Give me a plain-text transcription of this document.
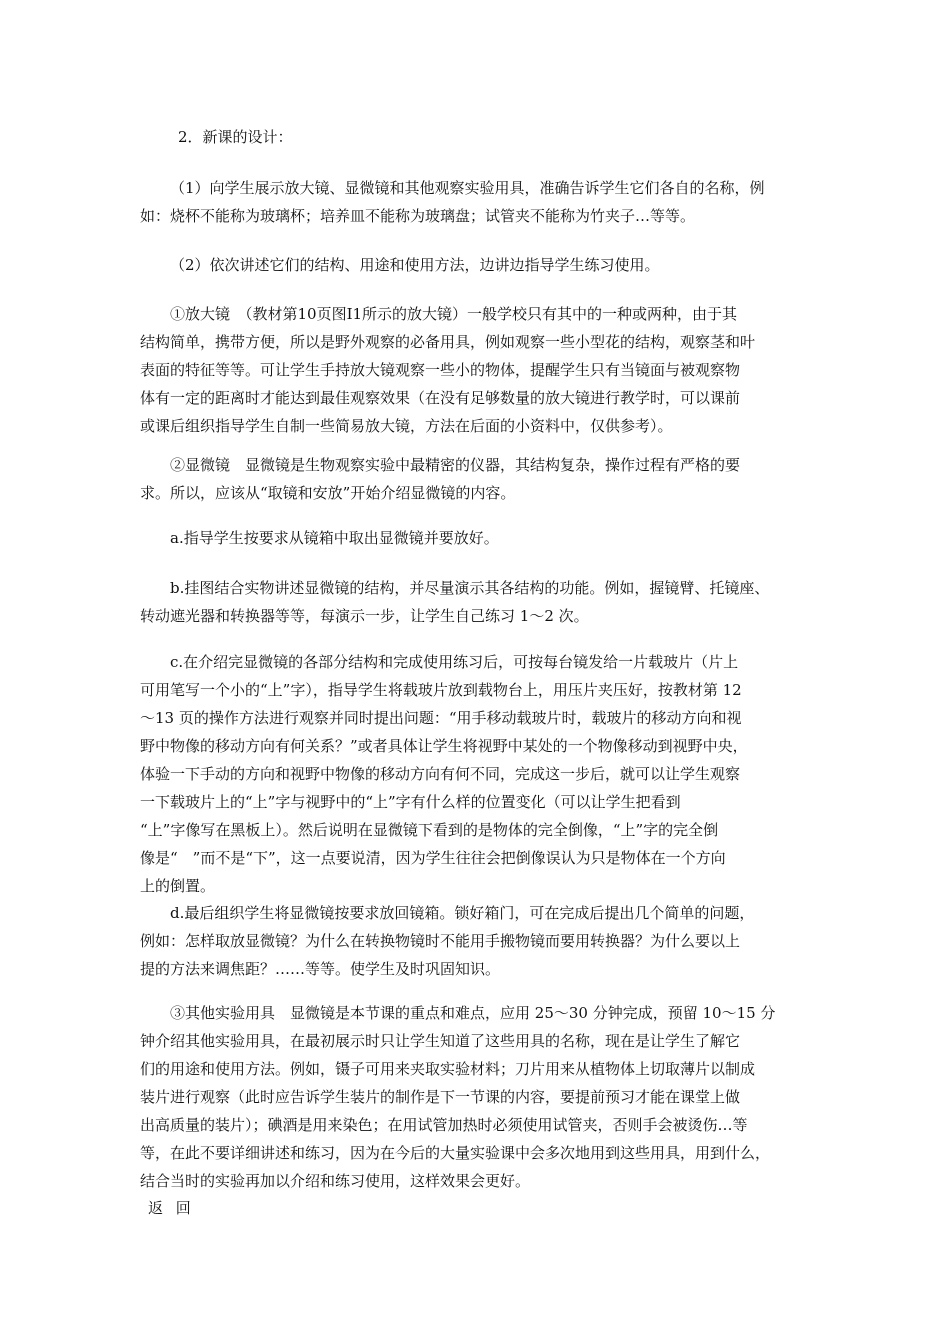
2．新课的设计：

（1）向学生展示放大镜、显微镜和其他观察实验用具，准确告诉学生它们各自的名称，例
如：烧杯不能称为玻璃杯；培养皿不能称为玻璃盘；试管夹不能称为竹夹子…等等。

（2）依次讲述它们的结构、用途和使用方法，边讲边指导学生练习使用。

①放大镜　（教材第10页图I1所示的放大镜）一般学校只有其中的一种或两种，由于其
结构简单，携带方便，所以是野外观察的必备用具，例如观察一些小型花的结构，观察茎和叶
表面的特征等等。可让学生手持放大镜观察一些小的物体，提醒学生只有当镜面与被观察物
体有一定的距离时才能达到最佳观察效果（在没有足够数量的放大镜进行教学时，可以课前
或课后组织指导学生自制一些简易放大镜，方法在后面的小资料中，仅供参考）。

②显微镜　显微镜是生物观察实验中最精密的仪器，其结构复杂，操作过程有严格的要
求。所以，应该从“取镜和安放”开始介绍显微镜的内容。

a.指导学生按要求从镜箱中取出显微镜并要放好。

b.挂图结合实物讲述显微镜的结构，并尽量演示其各结构的功能。例如，握镜臂、托镜座、
转动遮光器和转换器等等，每演示一步，让学生自己练习 1～2 次。

c.在介绍完显微镜的各部分结构和完成使用练习后，可按每台镜发给一片载玻片（片上
可用笔写一个小的“上”字），指导学生将载玻片放到载物台上，用压片夹压好，按教材第 12
～13 页的操作方法进行观察并同时提出问题：“用手移动载玻片时，载玻片的移动方向和视
野中物像的移动方向有何关系？”或者具体让学生将视野中某处的一个物像移动到视野中央，
体验一下手动的方向和视野中物像的移动方向有何不同，完成这一步后，就可以让学生观察
一下载玻片上的“上”字与视野中的“上”字有什么样的位置变化（可以让学生把看到
“上”字像写在黑板上）。然后说明在显微镜下看到的是物体的完全倒像，“上”字的完全倒
像是“　”而不是“下”，这一点要说清，因为学生往往会把倒像误认为只是物体在一个方向
上的倒置。

d.最后组织学生将显微镜按要求放回镜箱。锁好箱门，可在完成后提出几个简单的问题，
例如：怎样取放显微镜？为什么在转换物镜时不能用手搬物镜而要用转换器？为什么要以上
提的方法来调焦距？……等等。使学生及时巩固知识。

③其他实验用具　显微镜是本节课的重点和难点，应用 25～30 分钟完成，预留 10～15 分
钟介绍其他实验用具，在最初展示时只让学生知道了这些用具的名称，现在是让学生了解它
们的用途和使用方法。例如，镊子可用来夹取实验材料；刀片用来从植物体上切取薄片以制成
装片进行观察（此时应告诉学生装片的制作是下一节课的内容，要提前预习才能在课堂上做
出高质量的装片）；碘酒是用来染色；在用试管加热时必须使用试管夹，否则手会被烫伤…等
等，在此不要详细讲述和练习，因为在今后的大量实验课中会多次地用到这些用具，用到什么，
结合当时的实验再加以介绍和练习使用，这样效果会更好。

返 回
